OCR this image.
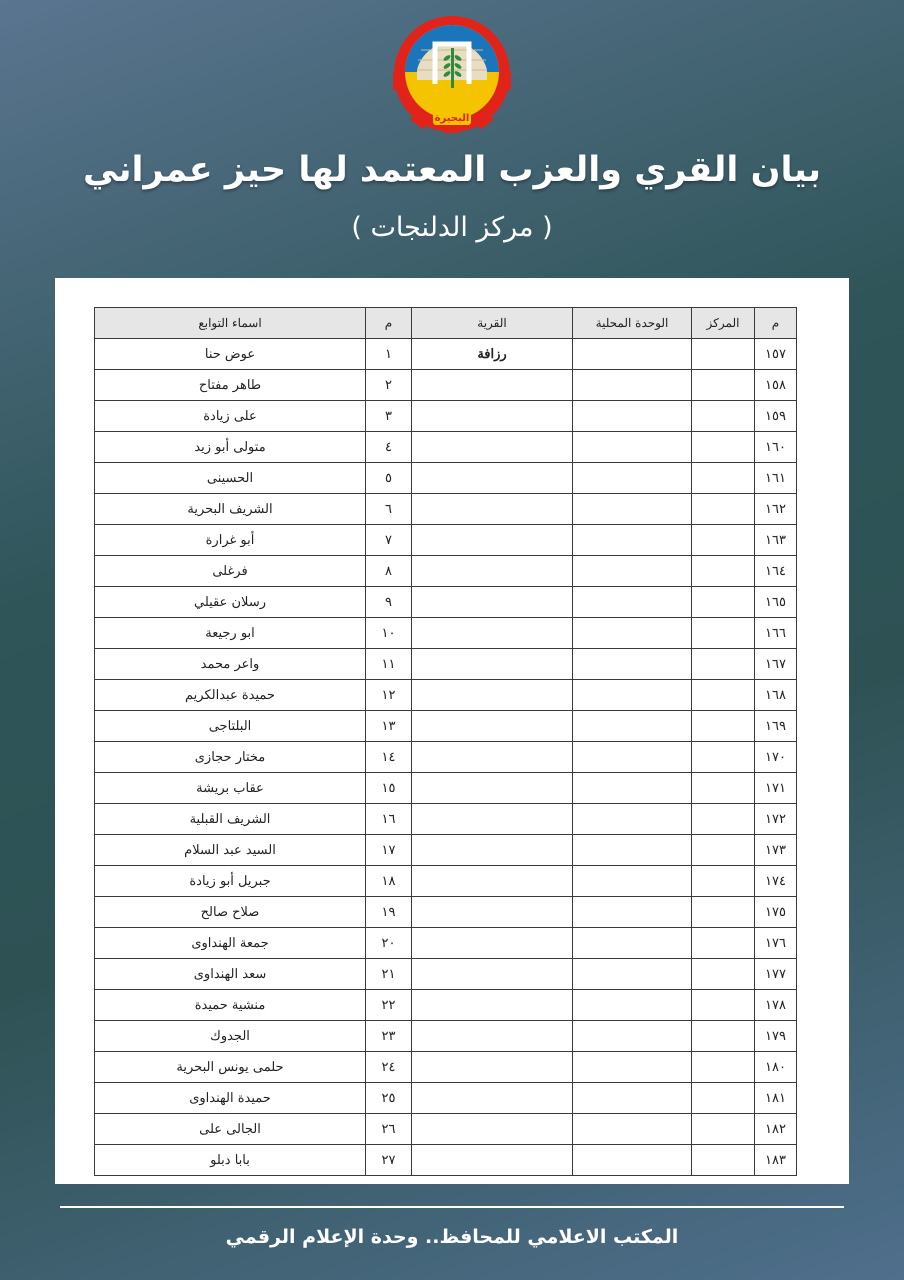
البحيرة
بيان القري والعزب المعتمد لها حيز عمراني
( مركز الدلنجات )
م	المركز	الوحدة المحلية	القرية	م	اسماء التوابع
١٥٧			رزافة	١	عوض حنا
١٥٨				٢	طاهر مفتاح
١٥٩				٣	على زيادة
١٦٠				٤	متولى أبو زيد
١٦١				٥	الحسينى
١٦٢				٦	الشريف البحرية
١٦٣				٧	أبو غرارة
١٦٤				٨	فرغلى
١٦٥				٩	رسلان عقيلي
١٦٦				١٠	ابو رجيعة
١٦٧				١١	واعر محمد
١٦٨				١٢	حميدة عبدالكريم
١٦٩				١٣	البلتاجى
١٧٠				١٤	مختار حجازى
١٧١				١٥	عقاب بريشة
١٧٢				١٦	الشريف القبلية
١٧٣				١٧	السيد عبد السلام
١٧٤				١٨	جبريل أبو زيادة
١٧٥				١٩	صلاح صالح
١٧٦				٢٠	جمعة الهنداوى
١٧٧				٢١	سعد الهنداوى
١٧٨				٢٢	منشية حميدة
١٧٩				٢٣	الجدوك
١٨٠				٢٤	حلمى يونس البحرية
١٨١				٢٥	حميدة الهنداوى
١٨٢				٢٦	الجالى على
١٨٣				٢٧	بابا دبلو
المكتب الاعلامي للمحافظ.. وحدة الإعلام الرقمي
